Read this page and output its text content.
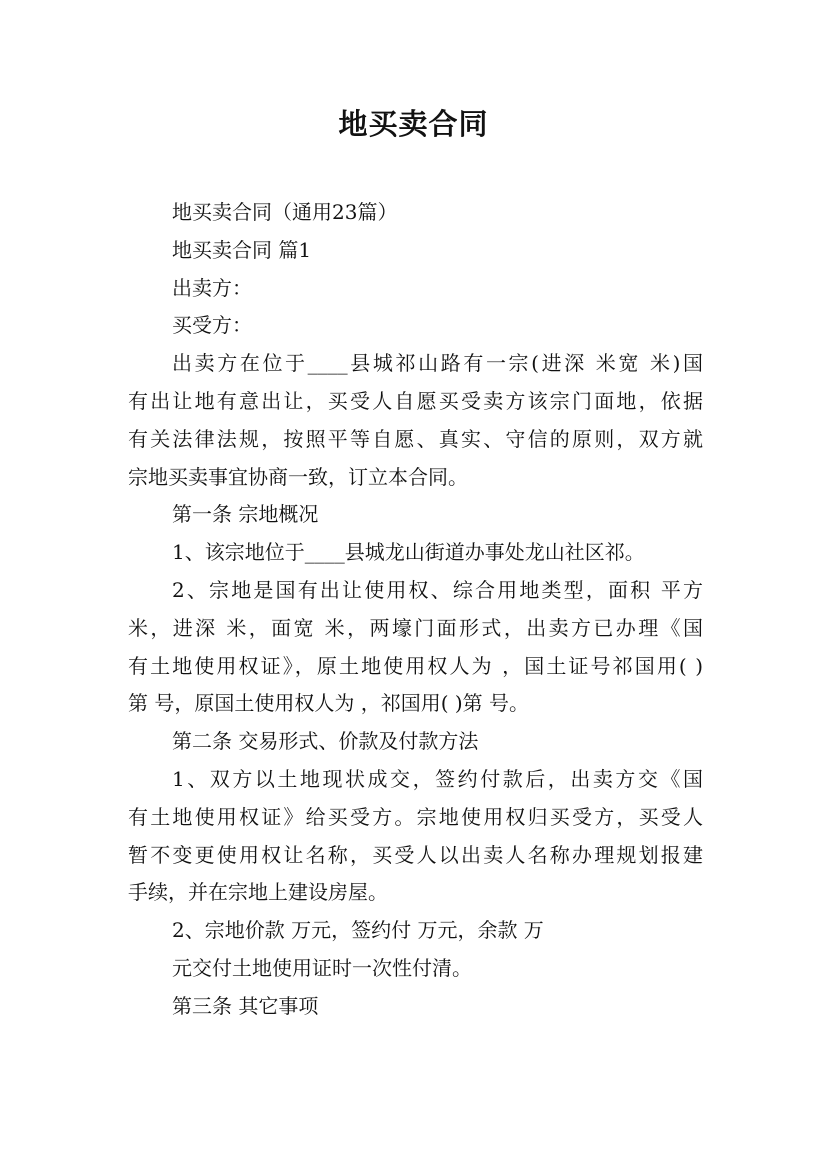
地买卖合同

地买卖合同（通用23篇）

地买卖合同 篇1

出卖方：

买受方：

出卖方在位于____县城祁山路有一宗(进深 米宽 米)国

有出让地有意出让，买受人自愿买受卖方该宗门面地，依据

有关法律法规，按照平等自愿、真实、守信的原则，双方就

宗地买卖事宜协商一致，订立本合同。

第一条 宗地概况

1、该宗地位于____县城龙山街道办事处龙山社区祁。

2、宗地是国有出让使用权、综合用地类型，面积 平方

米，进深 米，面宽 米，两壕门面形式，出卖方已办理《国

有土地使用权证》，原土地使用权人为 ，国土证号祁国用( )

第 号，原国土使用权人为 ，祁国用( )第 号。

第二条 交易形式、价款及付款方法

1、双方以土地现状成交，签约付款后，出卖方交《国

有土地使用权证》给买受方。宗地使用权归买受方，买受人

暂不变更使用权让名称，买受人以出卖人名称办理规划报建

手续，并在宗地上建设房屋。

2、宗地价款 万元，签约付 万元，余款 万

元交付土地使用证时一次性付清。

第三条 其它事项
